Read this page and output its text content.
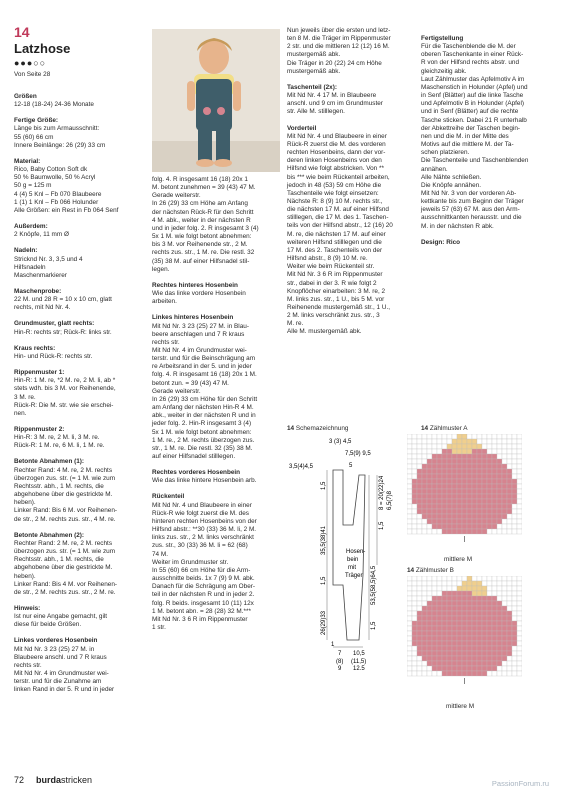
14
Latzhose
●●●○○
Von Seite 28

Größen
12-18 (18-24) 24-36 Monate

Fertige Größe:
Länge bis zum Armausschnitt:
55 (60) 66 cm
Innere Beinlänge: 26 (29) 33 cm

Material:
Rico, Baby Cotton Soft dk
50 % Baumwolle, 50 % Acryl
50 g = 125 m
4 (4) 5 Knl – Fb 070 Blaubeere
1 (1) 1 Knl – Fb 066 Holunder
Alle Größen: ein Rest in Fb 064 Senf

Außerdem:
2 Knöpfe, 11 mm Ø

Nadeln:
Stricknd Nr. 3, 3,5 und 4
Hilfsnadeln
Maschenmarkierer

Maschenprobe:
22 M. und 28 R = 10 x 10 cm, glatt
rechts, mit Nd Nr. 4.

Grundmuster, glatt rechts:
Hin-R: rechts str; Rück-R: links str.

Kraus rechts:
Hin- und Rück-R: rechts str.

Rippenmuster 1:
Hin-R: 1 M. re, *2 M. re, 2 M. li, ab *
stets wdh. bis 3 M. vor Reihenende,
3 M. re.
Rück-R: Die M. str. wie sie erschei-
nen.

Rippenmuster 2:
Hin-R: 3 M. re, 2 M. li, 3 M. re.
Rück-R: 1 M. re, 6 M. li, 1 M. re.

Betonte Abnahmen (1):
Rechter Rand: 4 M. re, 2 M. rechts
überzogen zus. str. (= 1 M. wie zum
Rechtsstr. abh., 1 M. rechts, die
abgehobene über die gestrickte M.
heben).
Linker Rand: Bis 6 M. vor Reihenen-
de str., 2 M. rechts zus. str., 4 M. re.

Betonte Abnahmen (2):
Rechter Rand: 2 M. re, 2 M. rechts
überzogen zus. str. (= 1 M. wie zum
Rechtsstr. abh., 1 M. rechts, die
abgehobene über die gestrickte M.
heben).
Linker Rand: Bis 4 M. vor Reihenen-
de str., 2 M. rechts zus. str., 2 M. re.

Hinweis:
Ist nur eine Angabe gemacht, gilt
diese für beide Größen.

Linkes vorderes Hosenbein
Mit Nd Nr. 3 23 (25) 27 M. in
Blaubeere anschl. und 7 R kraus
rechts str.
Mit Nd Nr. 4 im Grundmuster wei-
terstr. und für die Zunahme am
linken Rand in der 5. R und in jeder

folg. 4. R insgesamt 16 (18) 20x 1
M. betont zunehmen = 39 (43) 47 M.
Gerade weiterstr.
In 26 (29) 33 cm Höhe am Anfang
der nächsten Rück-R für den Schritt
4 M. abk., weiter in der nächsten R
und in jeder folg. 2. R insgesamt 3 (4)
5x 1 M. wie folgt betont abnehmen:
bis 3 M. vor Reihenende str., 2 M.
rechts zus. str., 1 M. re. Die restl. 32
(35) 38 M. auf einer Hilfsnadel stil-
legen.

Rechtes hinteres Hosenbein
Wie das linke vordere Hosenbein
arbeiten.

Linkes hinteres Hosenbein
Mit Nd Nr. 3 23 (25) 27 M. in Blau-
beere anschlagen und 7 R kraus
rechts str.
Mit Nd Nr. 4 im Grundmuster wei-
terstr. und für die Beinschrägung am
re Arbeitsrand in der 5. und in jeder
folg. 4. R insgesamt 16 (18) 20x 1 M.
betont zun. = 39 (43) 47 M.
Gerade weiterstr.
In 26 (29) 33 cm Höhe für den Schritt
am Anfang der nächsten Hin-R 4 M.
abk., weiter in der nächsten R und in
jeder folg. 2. Hin-R insgesamt 3 (4)
5x 1 M. wie folgt betont abnehmen:
1 M. re., 2 M. rechts überzogen zus.
str., 1 M. re. Die restl. 32 (35) 38 M.
auf einer Hilfsnadel stilllegen.

Rechtes vorderes Hosenbein
Wie das linke hintere Hosenbein arb.

Rückenteil
Mit Nd Nr. 4 und Blaubeere in einer
Rück-R wie folgt zuerst die M. des
hinteren rechten Hosenbeins von der
Hilfsnd abstr.: **30 (33) 36 M. li, 2 M.
links zus. str., 2 M. links verschränkt
zus. str., 30 (33) 36 M. li = 62 (68)
74 M.
Weiter im Grundmuster str.
In 55 (60) 66 cm Höhe für die Arm-
ausschnitte beids. 1x 7 (9) 9 M. abk.
Danach für die Schrägung am Ober-
teil in der nächsten R und in jeder 2.
folg. R beids. insgesamt 10 (11) 12x
1 M. betont abn. = 28 (28) 32 M.***
Mit Nd Nr. 3 6 R im Rippenmuster
1 str.

Nun jeweils über die ersten und letz-
ten 8 M. die Träger im Rippenmuster
2 str. und die mittleren 12 (12) 16 M.
mustergemäß abk.
Die Träger in 20 (22) 24 cm Höhe
mustergemäß abk.

Taschenteil (2x):
Mit Nd Nr. 4 17 M. in Blaubeere
anschl. und 9 cm im Grundmuster
str. Alle M. stilllegen.

Vorderteil
Mit Nd Nr. 4 und Blaubeere in einer
Rück-R zuerst die M. des vorderen
rechten Hosenbeins, dann der vor-
deren linken Hosenbeins von den
Hilfsnd wie folgt abstricken. Von **
bis *** wie beim Rückenteil arbeiten,
jedoch in 48 (53) 59 cm Höhe die
Taschenteile wie folgt einsetzen:
Nächste R: 8 (9) 10 M. rechts str.,
die nächsten 17 M. auf einer Hilfsnd
stilllegen, die 17 M. des 1. Taschen-
teils von der Hilfsnd abstr., 12 (16) 20
M. re, die nächsten 17 M. auf einer
weiteren Hilfsnd stilllegen und die
17 M. des 2. Taschenteils von der
Hilfsnd abstr., 8 (9) 10 M. re.
Weiter wie beim Rückenteil str.
Mit Nd Nr. 3 6 R im Rippenmuster
str., dabei in der 3. R wie folgt 2
Knopflöcher einarbeiten: 3 M. re, 2
M. links zus. str., 1 U., bis 5 M. vor
Reihenende mustergemäß str., 1 U.,
2 M. links verschränkt zus. str., 3
M. re.
Alle M. mustergemäß abk.

Fertigstellung
Für die Taschenblende die M. der
oberen Taschenkante in einer Rück-
R von der Hilfsnd rechts abstr. und
gleichzeitig abk.
Laut Zählmuster das Apfelmotiv A im
Maschenstich in Holunder (Apfel) und
in Senf (Blätter) auf die linke Tasche
und Apfelmotiv B in Holunder (Apfel)
und in Senf (Blätter) auf die rechte
Tasche sticken. Dabei 21 R unterhalb
der Abkettreihe der Taschen begin-
nen und die M. in der Mitte des
Motivs auf die mittlere M. der Ta-
schen platzieren.
Die Taschenteile und Taschenblenden
annähen.
Alle Nähte schließen.
Die Knöpfe annähen.
Mit Nd Nr. 3 von der vorderen Ab-
kettkante bis zum Beginn der Träger
jeweils 57 (63) 67 M. aus den Arm-
ausschnittkanten herausstr. und die
M. in der nächsten R abk.

Design: Rico

14 Schemazeichnung
3 (3) 4,5
7,5(9) 9,5
5
3,5(4)4,5
1,5
35,5(38)41
1,5
26(29)33
8 = 20(22)24 6,5(7)8
1,5
53,5(58,5)64,5
1,5
Hosen-
bein
mit
Träger
1
7
(8)
9
10,5
(11,5)
12,5
14 Zählmuster A
mittlere M
14 Zählmuster B
mittlere M
72 burdastricken	PassionForum.ru
